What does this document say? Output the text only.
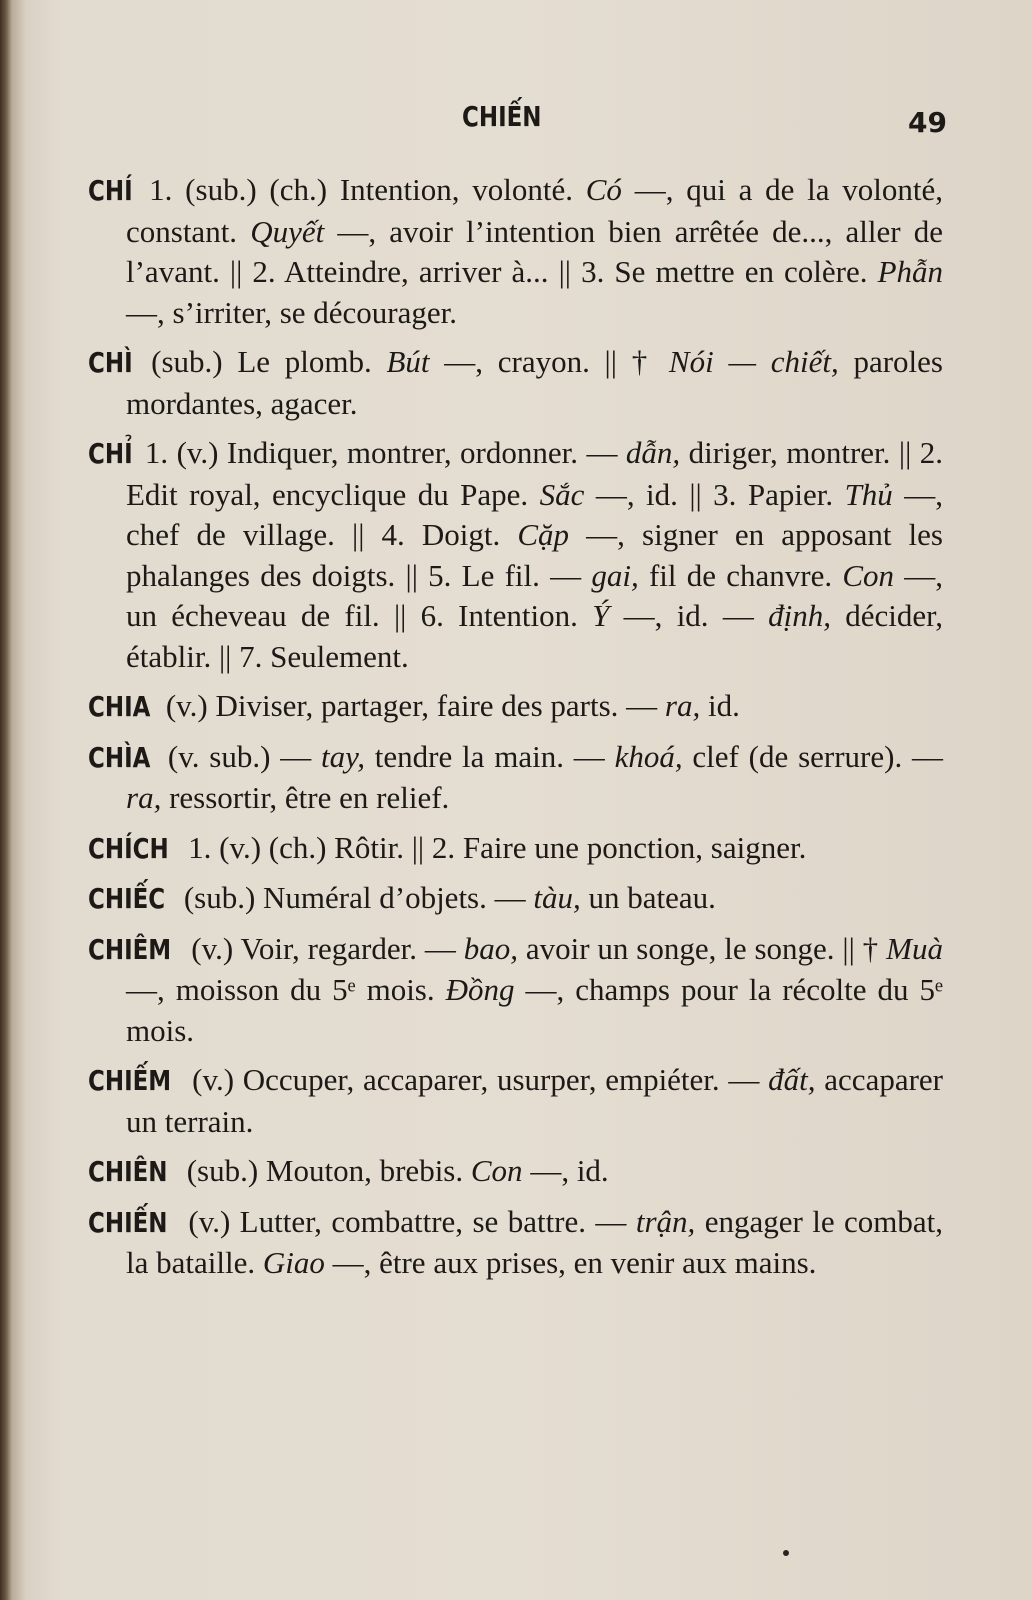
CHIẾN	49

CHÍ 1. (sub.) (ch.) Intention, volonté. Có —, qui a de la volonté, constant. Quyết —, avoir l’intention bien arrêtée de..., aller de l’avant. || 2. Atteindre, arriver à... || 3. Se mettre en colère. Phẫn —, s’irriter, se décourager.

CHÌ (sub.) Le plomb. Bút —, crayon. || † Nói — chiết, paroles mordantes, agacer.

CHỈ 1. (v.) Indiquer, montrer, ordonner. — dẫn, diriger, montrer. || 2. Edit royal, encyclique du Pape. Sắc —, id. || 3. Papier. Thủ —, chef de village. || 4. Doigt. Cặp —, signer en apposant les phalanges des doigts. || 5. Le fil. — gai, fil de chanvre. Con —, un écheveau de fil. || 6. Intention. Ý —, id. — định, décider, établir. || 7. Seulement.

CHIA (v.) Diviser, partager, faire des parts. — ra, id.

CHÌA (v. sub.) — tay, tendre la main. — khoá, clef (de serrure). — ra, ressortir, être en relief.

CHÍCH 1. (v.) (ch.) Rôtir. || 2. Faire une ponction, saigner.

CHIẾC (sub.) Numéral d’objets. — tàu, un bateau.

CHIÊM (v.) Voir, regarder. — bao, avoir un songe, le songe. || † Muà —, moisson du 5ᵉ mois. Đồng —, champs pour la récolte du 5ᵉ mois.

CHIẾM (v.) Occuper, accaparer, usurper, empiéter. — đất, accaparer un terrain.

CHIÊN (sub.) Mouton, brebis. Con —, id.

CHIẾN (v.) Lutter, combattre, se battre. — trận, engager le combat, la bataille. Giao —, être aux prises, en venir aux mains.
